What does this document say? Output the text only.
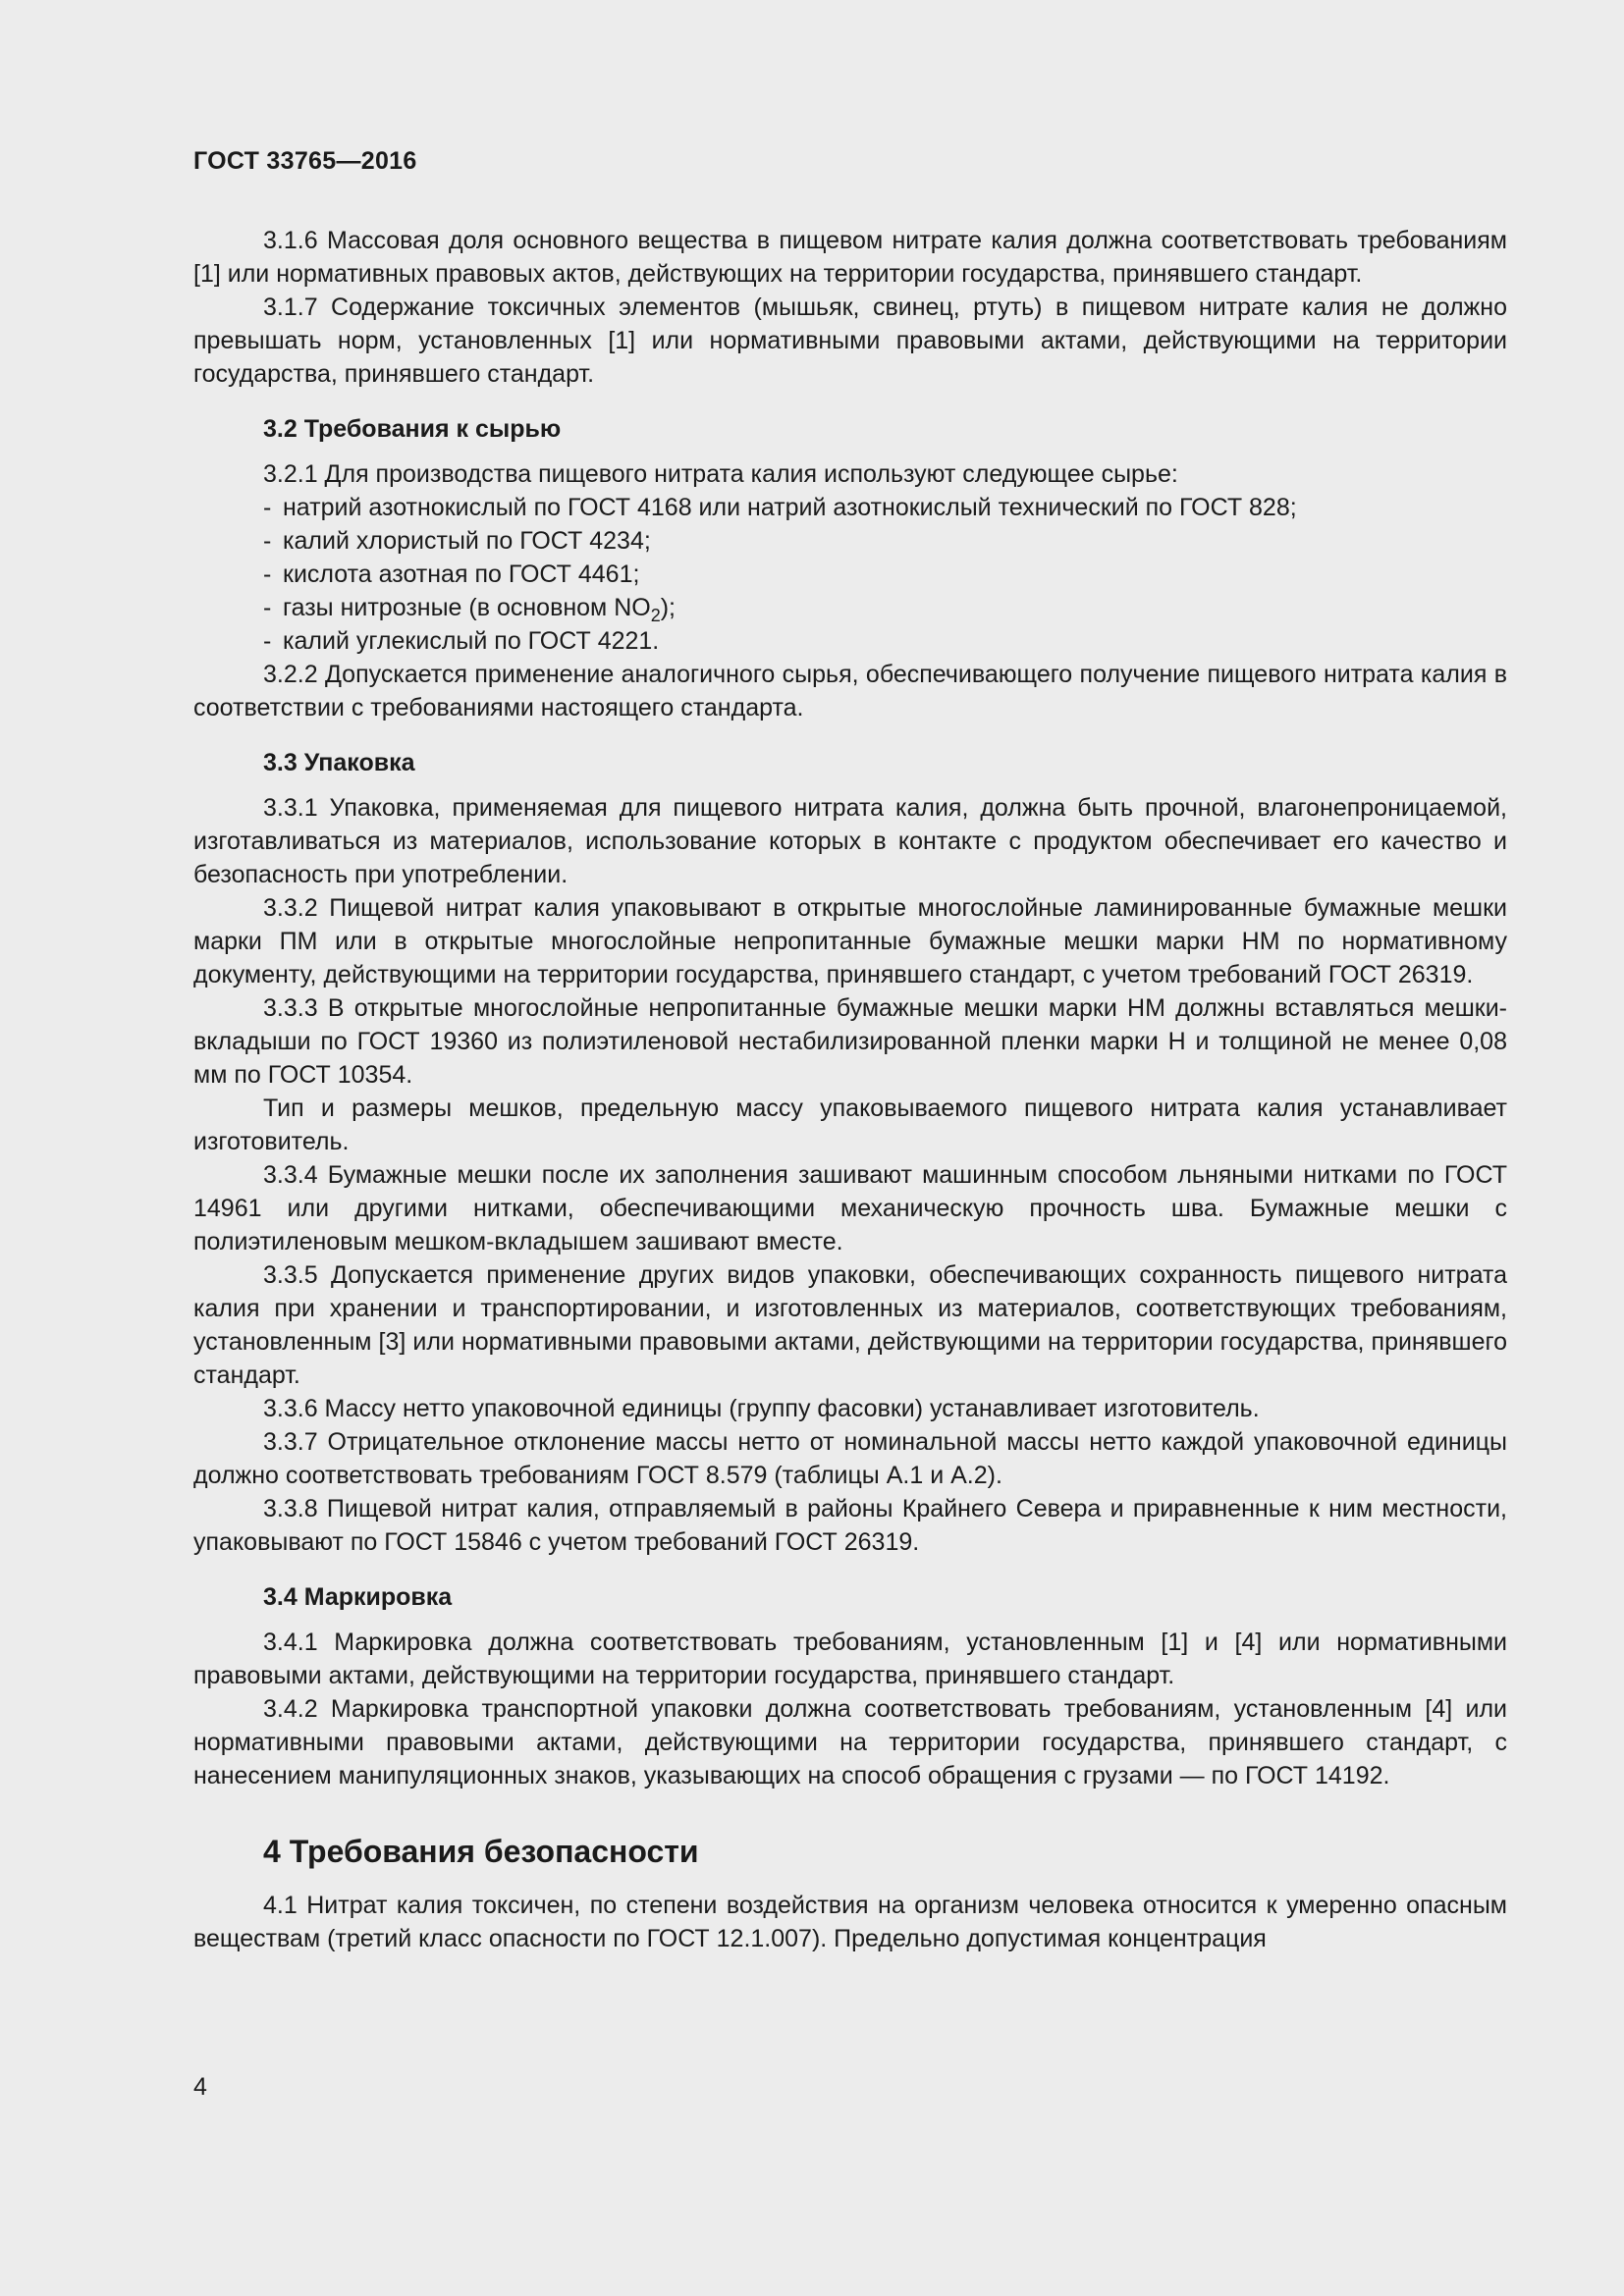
ГОСТ 33765—2016

3.1.6 Массовая доля основного вещества в пищевом нитрате калия должна соответствовать требованиям [1] или нормативных правовых актов, действующих на территории государства, принявшего стандарт.

3.1.7 Содержание токсичных элементов (мышьяк, свинец, ртуть) в пищевом нитрате калия не должно превышать норм, установленных [1] или нормативными правовыми актами, действующими на территории государства, принявшего стандарт.

3.2 Требования к сырью

3.2.1 Для производства пищевого нитрата калия используют следующее сырье:

- натрий азотнокислый по ГОСТ 4168 или натрий азотнокислый технический по ГОСТ 828;
- калий хлористый по ГОСТ 4234;
- кислота азотная по ГОСТ 4461;
- газы нитрозные (в основном $NO_2$);
- калий углекислый по ГОСТ 4221.

3.2.2 Допускается применение аналогичного сырья, обеспечивающего получение пищевого нитрата калия в соответствии с требованиями настоящего стандарта.

3.3 Упаковка

3.3.1 Упаковка, применяемая для пищевого нитрата калия, должна быть прочной, влагонепроницаемой, изготавливаться из материалов, использование которых в контакте с продуктом обеспечивает его качество и безопасность при употреблении.

3.3.2 Пищевой нитрат калия упаковывают в открытые многослойные ламинированные бумажные мешки марки ПМ или в открытые многослойные непропитанные бумажные мешки марки НМ по нормативному документу, действующими на территории государства, принявшего стандарт, с учетом требований ГОСТ 26319.

3.3.3 В открытые многослойные непропитанные бумажные мешки марки НМ должны вставляться мешки-вкладыши по ГОСТ 19360 из полиэтиленовой нестабилизированной пленки марки Н и толщиной не менее 0,08 мм по ГОСТ 10354.

Тип и размеры мешков, предельную массу упаковываемого пищевого нитрата калия устанавливает изготовитель.

3.3.4 Бумажные мешки после их заполнения зашивают машинным способом льняными нитками по ГОСТ 14961 или другими нитками, обеспечивающими механическую прочность шва. Бумажные мешки с полиэтиленовым мешком-вкладышем зашивают вместе.

3.3.5 Допускается применение других видов упаковки, обеспечивающих сохранность пищевого нитрата калия при хранении и транспортировании, и изготовленных из материалов, соответствующих требованиям, установленным [3] или нормативными правовыми актами, действующими на территории государства, принявшего стандарт.

3.3.6 Массу нетто упаковочной единицы (группу фасовки) устанавливает изготовитель.

3.3.7 Отрицательное отклонение массы нетто от номинальной массы нетто каждой упаковочной единицы должно соответствовать требованиям ГОСТ 8.579 (таблицы А.1 и А.2).

3.3.8 Пищевой нитрат калия, отправляемый в районы Крайнего Севера и приравненные к ним местности, упаковывают по ГОСТ 15846 с учетом требований ГОСТ 26319.

3.4 Маркировка

3.4.1 Маркировка должна соответствовать требованиям, установленным [1] и [4] или нормативными правовыми актами, действующими на территории государства, принявшего стандарт.

3.4.2 Маркировка транспортной упаковки должна соответствовать требованиям, установленным [4] или нормативными правовыми актами, действующими на территории государства, принявшего стандарт, с нанесением манипуляционных знаков, указывающих на способ обращения с грузами — по ГОСТ 14192.

4 Требования безопасности

4.1 Нитрат калия токсичен, по степени воздействия на организм человека относится к умеренно опасным веществам (третий класс опасности по ГОСТ 12.1.007). Предельно допустимая концентрация

4
